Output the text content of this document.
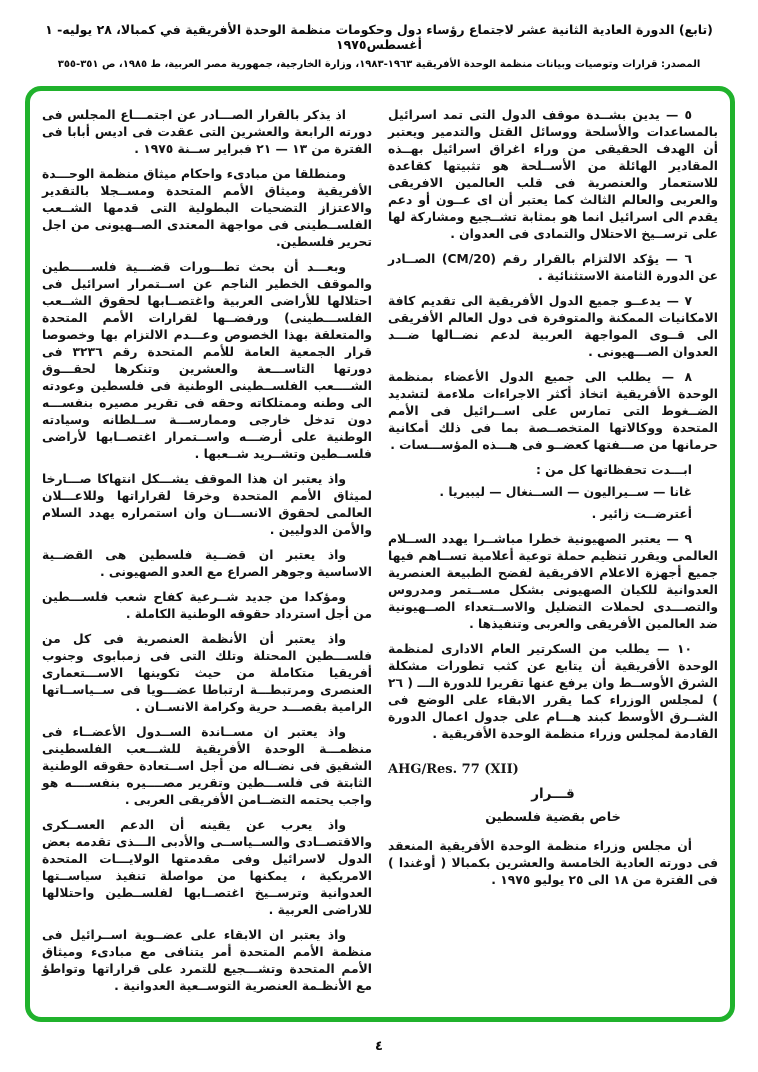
(تابع) الدورة العادية الثانية عشر لاجتماع رؤساء دول وحكومات منظمة الوحدة الأفريقية في كمبالا، ٢٨ يوليه- ١ أغسطس١٩٧٥
المصدر: قرارات وتوصيات وبيانات منظمة الوحدة الأفريقية ١٩٦٣-١٩٨٣، وزارة الخارجية، جمهورية مصر العربية، ط ١٩٨٥، ص ٣٥١-٣٥٥

٥ — يدين بشــدة موقف الدول التى تمد اسرائيل بالمساعدات والأسلحة ووسائل القتل والتدمير ويعتبر أن الهدف الحقيقى من وراء اغراق اسرائيل بهــذه المقادير الهائلة من الأســلحة هو تثبيتها كقاعدة للاستعمار والعنصرية فى قلب العالمين الافريقى والعربى والعالم الثالث كما يعتبر أن اى عــون أو دعم يقدم الى اسرائيل انما هو بمثابة تشــجيع ومشاركة لها على ترســيخ الاحتلال والتمادى فى العدوان .

٦ — يؤكد الالتزام بالقرار رقم (CM/20) الصــادر عن الدورة الثامنة الاستثنائية .

٧ — يدعــو جميع الدول الأفريقية الى تقديم كافة الامكانيات الممكنة والمتوفرة فى دول العالم الأفريقى الى قــوى المواجهة العربية لدعم نضــالها ضـــد العدوان الصـــهيونى .

٨ — يطلب الى جميع الدول الأعضاء بمنظمة الوحدة الأفريقية اتخاذ أكثر الاجراءات ملاءمة لتشديد الضــغوط التى تمارس على اســرائيل فى الأمم المتحدة ووكالاتها المتخصــصة بما فى ذلك أمكانية حرمانها من صـــفتها كعضــو فى هـــذه المؤســـسات .

ابـــدت تحفظاتها كل من :

غانا — ســيراليون — الســنغال — ليبيريا .

أعترضــت زائير .

٩ — يعتبر الصهيونية خطرا مباشــرا يهدد الســلام العالمى ويقرر تنظيم حملة توعية أعلامية تســاهم فيها جميع أجهزة الاعلام الافريقية لفضح الطبيعة العنصرية العدوانية للكيان الصهيونى بشكل مســتمر ومدروس والتصـــدى لحملات التضليل والاســتعداء الصــهيونية ضد العالمين الأفريقى والعربى وتنفيذها .

١٠ — يطلب من السكرتير العام الادارى لمنظمة الوحدة الأفريقية أن يتابع عن كثب تطورات مشكلة الشرق الأوســط وان يرفع عنها تقريرا للدورة الـــ ( ٢٦ ) لمجلس الوزراء كما يقرر الابقاء على الوضع فى الشــرق الأوسط كبند هـــام على جدول اعمال الدورة القادمة لمجلس وزراء منظمة الوحدة الأفريقية .

AHG/Res. 77 (XII)

قـــرار

خاص بقضية فلسطين

أن مجلس وزراء منظمة الوحدة الأفريقية المنعقد فى دورته العادية الخامسة والعشرين بكمبالا ( أوغندا ) فى الفترة من ١٨ الى ٢٥ يوليو ١٩٧٥ .

اذ يذكر بالقرار الصـــادر عن اجتمـــاع المجلس فى دورته الرابعة والعشرين التى عقدت فى اديس أبابا فى الفترة من ١٣ — ٢١ فبراير ســنة ١٩٧٥ .

ومنطلقا من مبادىء واحكام ميثاق منظمة الوحـــدة الأفريقية وميثاق الأمم المتحدة ومســجلا بالتقدير والاعتزاز التضحيات البطولية التى قدمها الشــعب الفلســطينى فى مواجهة المعتدى الصــهيونى من اجل تحرير فلسطين.

وبعـــد أن بحث تطـــورات قضـــية فلســـــطين والموقف الخطير الناجم عن اســتمرار اسرائيل فى احتلالها للأراضى العربية واغتصــابها لحقوق الشــعب الفلســـطينى) ورفضــها لقرارات الأمم المتحدة والمتعلقة بهذا الخصوص وعـــدم الالتزام بها وخصوصا قرار الجمعية العامة للأمم المتحدة رقم ٣٢٣٦ فى دورتها التاســـعة والعشرين وتنكرها لحقـــوق الشــــعب الفلســطينى الوطنية فى فلسطين وعودته الى وطنه وممتلكاته وحقه فى تقرير مصيره بنفســـه دون تدخل خارجى وممارســـة ســلطانه وسيادته الوطنية على أرضـــه واســتمرار اغتصــابها لأراضى فلســطين وتشــريد شــعبها .

واذ يعتبر ان هذا الموقف يشـــكل انتهاكا صـــارخا لميثاق الأمم المتحدة وخرقا لقراراتها وللاعـــلان العالمى لحقوق الانســـان وان استمراره يهدد السلام والأمن الدوليين .

واذ يعتبر ان قضــية فلسطين هى القضــية الاساسية وجوهر الصراع مع العدو الصهيونى .

ومؤكدا من جديد شــرعية كفاح شعب فلســـطين من أجل استرداد حقوقه الوطنية الكاملة .

واذ يعتبر أن الأنظمة العنصرية فى كل من فلســـطين المحتلة وتلك التى فى زمبابوى وجنوب أفريقيا متكاملة من حيث تكوينها الاســـتعمارى العنصرى ومرتبطـــة ارتباطا عضـــويا فى ســياســاتها الرامية بقصـــد حرية وكرامة الانســان .

واذ يعتبر ان مســاندة الســدول الأعضــاء فى منظمـــة الوحدة الأفريقية للشـــعب الفلسطينى الشقيق فى نضــاله من أجل اســتعادة حقوقه الوطنية الثابتة فى فلســـطين وتقرير مصــــيره بنفســــه هو واجب يحتمه التضــامن الأفريقى العربى .

واذ يعرب عن يقينه أن الدعم العســكرى والاقتصــادى والســياســى والأدبى الـــذى تقدمه بعض الدول لاسرائيل وفى مقدمتها الولايـــات المتحدة الامريكية ، يمكنها من مواصلة تنفيذ سياســتها العدوانية وترســيخ اغتصــابها لفلســطين واحتلالها للاراضى العربية .

واذ يعتبر ان الابقاء على عضــوية اســرائيل فى منظمة الأمم المتحدة أمر يتنافى مع مبادىء وميثاق الأمم المتحدة وتشـــجيع للتمرد على قراراتها وتواطؤ مع الأنظـمة العنصرية التوســعية العدوانية .

٤
